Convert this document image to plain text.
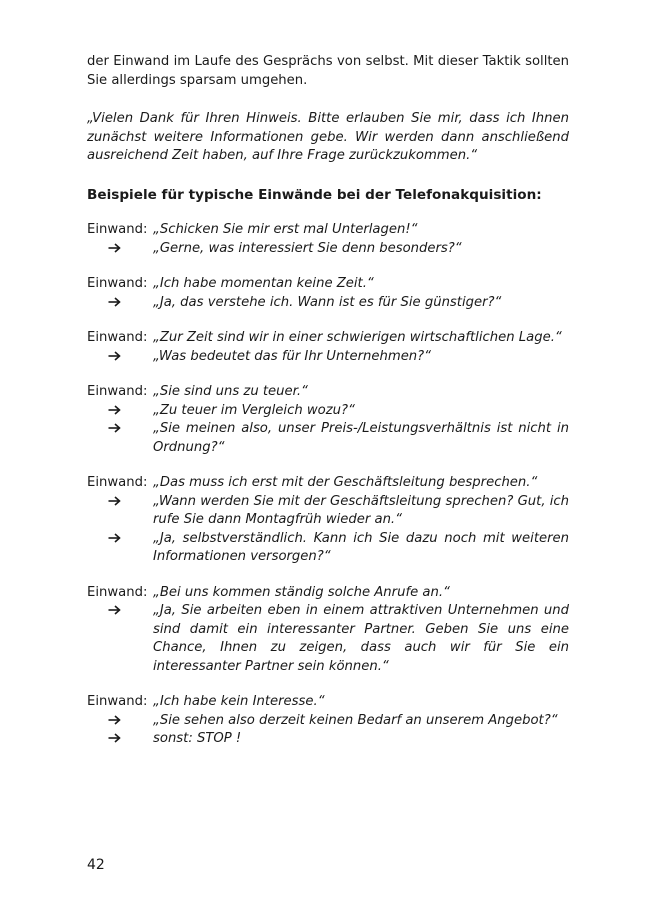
der Einwand im Laufe des Gesprächs von selbst. Mit dieser Taktik sollten Sie allerdings sparsam umgehen.

„Vielen Dank für Ihren Hinweis. Bitte erlauben Sie mir, dass ich Ihnen zunächst weitere Informationen gebe. Wir werden dann anschließend ausreichend Zeit haben, auf Ihre Frage zurückzukommen.“

Beispiele für typische Einwände bei der Telefonakquisition:

Einwand: „Schicken Sie mir erst mal Unterlagen!“
„Gerne, was interessiert Sie denn besonders?“
Einwand: „Ich habe momentan keine Zeit.“
„Ja, das verstehe ich. Wann ist es für Sie günstiger?“
Einwand: „Zur Zeit sind wir in einer schwierigen wirtschaftlichen Lage.“
„Was bedeutet das für Ihr Unternehmen?“
Einwand: „Sie sind uns zu teuer.“
„Zu teuer im Vergleich wozu?“
„Sie meinen also, unser Preis-/Leistungsverhältnis ist nicht in Ordnung?“
Einwand: „Das muss ich erst mit der Geschäftsleitung besprechen.“
„Wann werden Sie mit der Geschäftsleitung sprechen? Gut, ich rufe Sie dann Montagfrüh wieder an.“
„Ja, selbstverständlich. Kann ich Sie dazu noch mit weiteren Informationen versorgen?“
Einwand: „Bei uns kommen ständig solche Anrufe an.“
„Ja, Sie arbeiten eben in einem attraktiven Unternehmen und sind damit ein interessanter Partner. Geben Sie uns eine Chance, Ihnen zu zeigen, dass auch wir für Sie ein interessanter Partner sein können.“
Einwand: „Ich habe kein Interesse.“
„Sie sehen also derzeit keinen Bedarf an unserem Angebot?“
sonst: STOP !
42
